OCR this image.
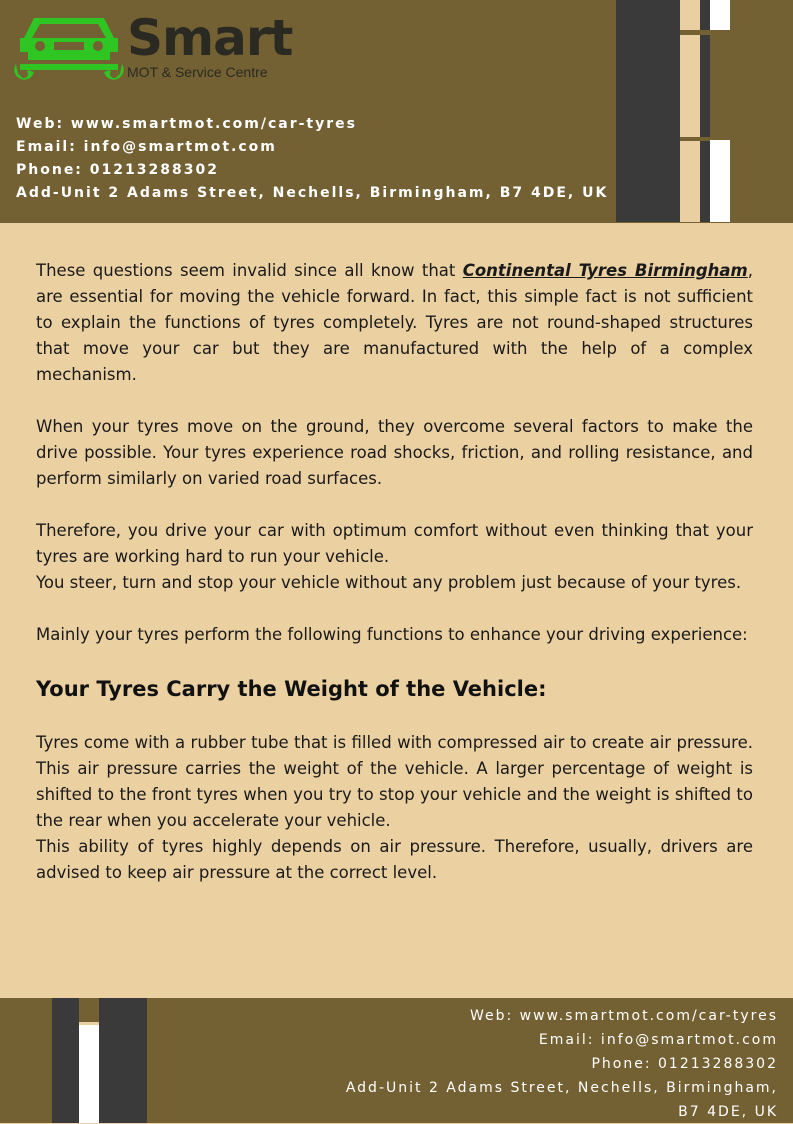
Smart
MOT & Service Centre
Web: www.smartmot.com/car-tyres
Email: info@smartmot.com
Phone: 01213288302
Add-Unit 2 Adams Street, Nechells, Birmingham, B7 4DE, UK

These questions seem invalid since all know that Continental Tyres Birmingham, are essential for moving the vehicle forward. In fact, this simple fact is not sufficient to explain the functions of tyres completely. Tyres are not round-shaped structures that move your car but they are manufactured with the help of a complex mechanism.

When your tyres move on the ground, they overcome several factors to make the drive possible. Your tyres experience road shocks, friction, and rolling resistance, and perform similarly on varied road surfaces.

Therefore, you drive your car with optimum comfort without even thinking that your tyres are working hard to run your vehicle.

You steer, turn and stop your vehicle without any problem just because of your tyres.

Mainly your tyres perform the following functions to enhance your driving experience:

Your Tyres Carry the Weight of the Vehicle:

Tyres come with a rubber tube that is filled with compressed air to create air pressure. This air pressure carries the weight of the vehicle. A larger percentage of weight is shifted to the front tyres when you try to stop your vehicle and the weight is shifted to the rear when you accelerate your vehicle.

This ability of tyres highly depends on air pressure. Therefore, usually, drivers are advised to keep air pressure at the correct level.

Web: www.smartmot.com/car-tyres
Email: info@smartmot.com
Phone: 01213288302
Add-Unit 2 Adams Street, Nechells, Birmingham, B7 4DE, UK
